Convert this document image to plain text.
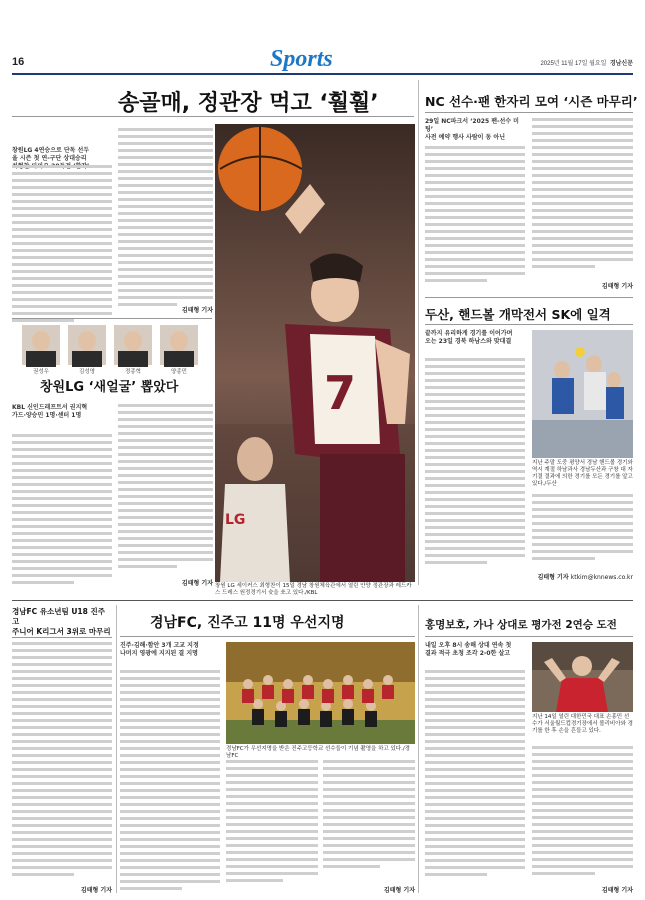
16	Sports	2025년 11월 17일 월요일 경남신문
송골매, 정관장 먹고 ‘훨훨’

창원LG 4연승으로 단독 선두
올 시즌 첫 연-구단 상대승리

김태형 기자
7
LG
창원 LG 세이커스 최형찬이 15일 경남 창원체육관에서 열린 안양 정관장과 레드카스 드레스 원정경기서 슛을 쏘고 있다./KBL
권성우	김성영	정종혁	양종민
창원LG ‘새얼굴’ 뽑았다
KBL 신인드래프트서 권지혁
가드·양승민 1명·센터 1명
김태형 기자
NC 선수·팬 한자리 모여 ‘시즌 마무리’
29일 NC파크서 ‘2025 팬-선수 미팅’
사전 예약 행사 사람이 동 아닌
김태형 기자
두산, 핸드볼 개막전서 SK에 일격
끝까지 유리하게 경기를 이어가며
오는 23일 경북 하남스와 맞대결
지난 주말 도중 평양서 경남 핸드볼 경기와 역시 계절 하남과사 경남두산과 구창 대 자기결 결과에 의한 경기를 모든 경기를 앞고 있다./두산
김태형 기자 ktkim@knnews.co.kr
경남FC 유소년팀 U18 진주고
주니어 K리그서 3위로 마무리
김태형 기자
경남FC, 진주고 11명 우선지명
진주·김해·함안 3개 고교 지정
나머지 영광에 지지된 결 지명
경남FC가 우선지명을 받은 진주고등학교 선수들이 기념 촬영을 하고 있다./경남FC
김태형 기자
홍명보호, 가나 상대로 평가전 2연승 도전
내일 오후 8시 송해 상대 연속 첫
결과 적극 초청 조각 2-0한 살고
지난 14일 열린 대한민국 대표 손흥민 선수가 서울월드컵경기장에서 볼리비아와 경기를 한 후 손을 흔들고 있다.
김태형 기자
